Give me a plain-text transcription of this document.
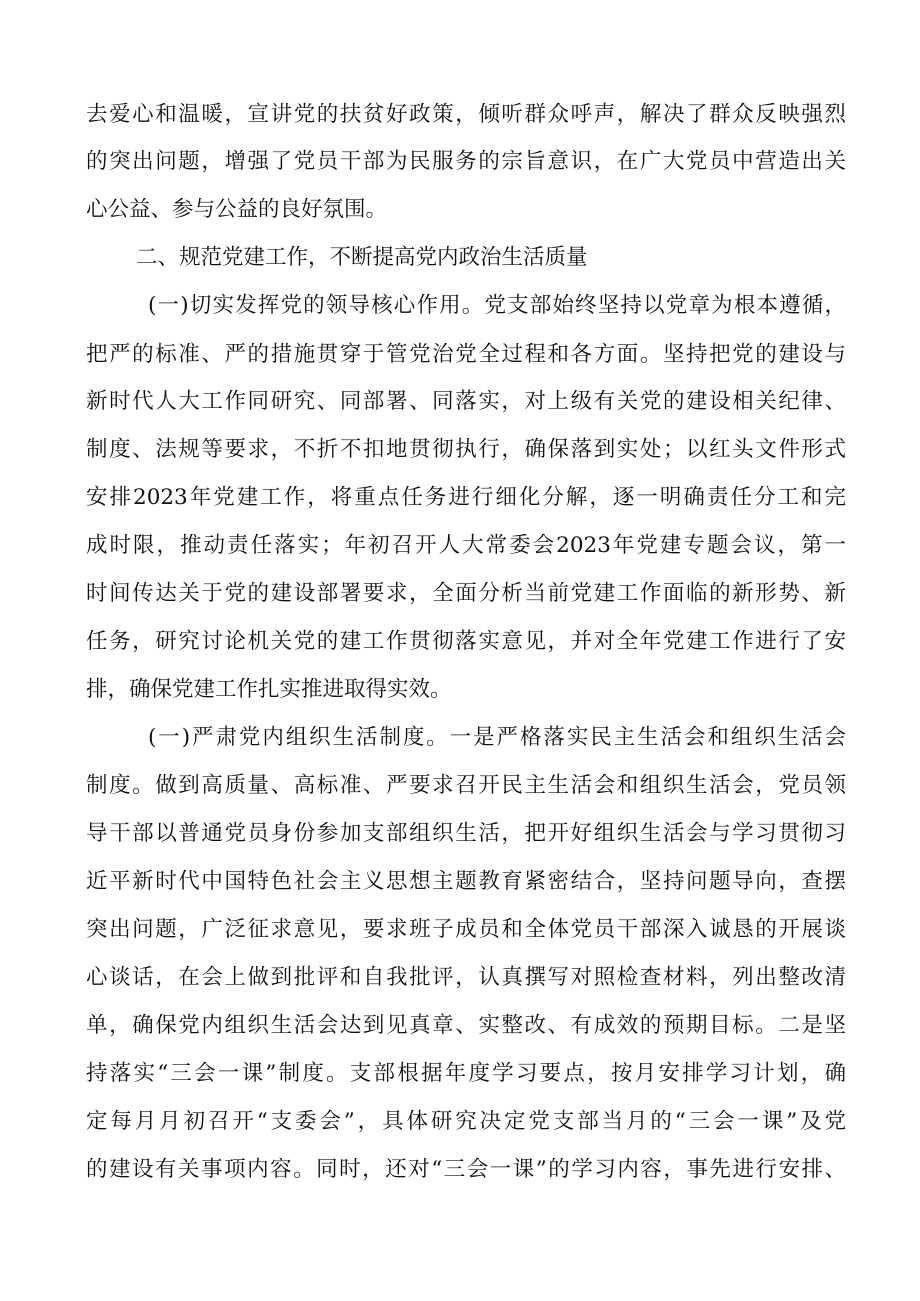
去爱心和温暖，宣讲党的扶贫好政策，倾听群众呼声，解决了群众反映强烈
的突出问题，增强了党员干部为民服务的宗旨意识，在广大党员中营造出关
心公益、参与公益的良好氛围。
二、规范党建工作，不断提高党内政治生活质量
(一)切实发挥党的领导核心作用。党支部始终坚持以党章为根本遵循，
把严的标准、严的措施贯穿于管党治党全过程和各方面。坚持把党的建设与
新时代人大工作同研究、同部署、同落实，对上级有关党的建设相关纪律、
制度、法规等要求，不折不扣地贯彻执行，确保落到实处；以红头文件形式
安排2023年党建工作，将重点任务进行细化分解，逐一明确责任分工和完
成时限，推动责任落实；年初召开人大常委会2023年党建专题会议，第一
时间传达关于党的建设部署要求，全面分析当前党建工作面临的新形势、新
任务，研究讨论机关党的建工作贯彻落实意见，并对全年党建工作进行了安
排，确保党建工作扎实推进取得实效。
(一)严肃党内组织生活制度。一是严格落实民主生活会和组织生活会
制度。做到高质量、高标准、严要求召开民主生活会和组织生活会，党员领
导干部以普通党员身份参加支部组织生活，把开好组织生活会与学习贯彻习
近平新时代中国特色社会主义思想主题教育紧密结合，坚持问题导向，查摆
突出问题，广泛征求意见，要求班子成员和全体党员干部深入诚恳的开展谈
心谈话，在会上做到批评和自我批评，认真撰写对照检查材料，列出整改清
单，确保党内组织生活会达到见真章、实整改、有成效的预期目标。二是坚
持落实“三会一课”制度。支部根据年度学习要点，按月安排学习计划，确
定每月月初召开“支委会”，具体研究决定党支部当月的“三会一课”及党
的建设有关事项内容。同时，还对“三会一课”的学习内容，事先进行安排、
